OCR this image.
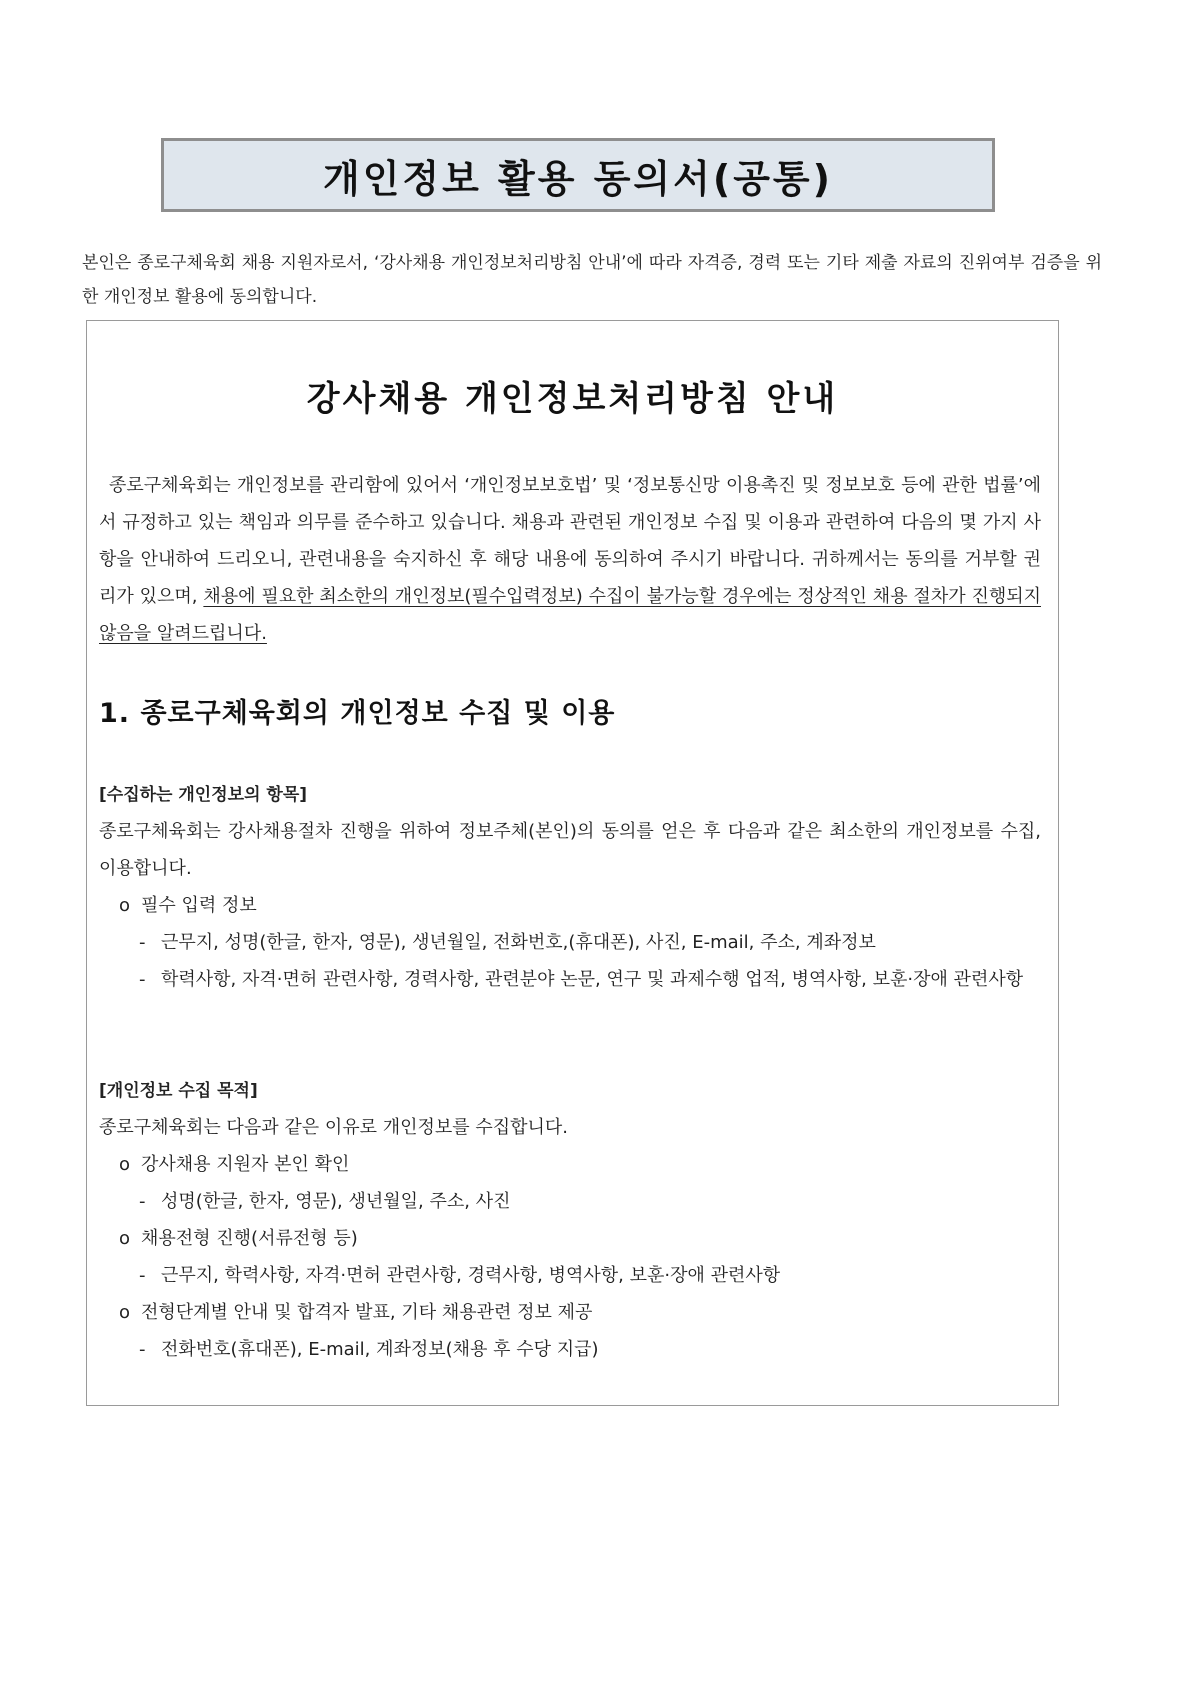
개인정보 활용 동의서(공통)

본인은 종로구체육회 채용 지원자로서, ‘강사채용 개인정보처리방침 안내’에 따라 자격증, 경력 또는 기타 제출 자료의 진위여부 검증을 위한 개인정보 활용에 동의합니다.

강사채용 개인정보처리방침 안내

종로구체육회는 개인정보를 관리함에 있어서 ‘개인정보보호법’ 및 ‘정보통신망 이용촉진 및 정보보호 등에 관한 법률’에서 규정하고 있는 책임과 의무를 준수하고 있습니다. 채용과 관련된 개인정보 수집 및 이용과 관련하여 다음의 몇 가지 사항을 안내하여 드리오니, 관련내용을 숙지하신 후 해당 내용에 동의하여 주시기 바랍니다. 귀하께서는 동의를 거부할 권리가 있으며, 채용에 필요한 최소한의 개인정보(필수입력정보) 수집이 불가능할 경우에는 정상적인 채용 절차가 진행되지 않음을 알려드립니다.

1. 종로구체육회의 개인정보 수집 및 이용

[수집하는 개인정보의 항목]

종로구체육회는 강사채용절차 진행을 위하여 정보주체(본인)의 동의를 얻은 후 다음과 같은 최소한의 개인정보를 수집, 이용합니다.

o 필수 입력 정보

- 근무지, 성명(한글, 한자, 영문), 생년월일, 전화번호,(휴대폰), 사진, E-mail, 주소, 계좌정보

- 학력사항, 자격·면허 관련사항, 경력사항, 관련분야 논문, 연구 및 과제수행 업적, 병역사항, 보훈·장애 관련사항

[개인정보 수집 목적]

종로구체육회는 다음과 같은 이유로 개인정보를 수집합니다.

o 강사채용 지원자 본인 확인

- 성명(한글, 한자, 영문), 생년월일, 주소, 사진

o 채용전형 진행(서류전형 등)

- 근무지, 학력사항, 자격·면허 관련사항, 경력사항, 병역사항, 보훈·장애 관련사항

o 전형단계별 안내 및 합격자 발표, 기타 채용관련 정보 제공

- 전화번호(휴대폰), E-mail, 계좌정보(채용 후 수당 지급)
